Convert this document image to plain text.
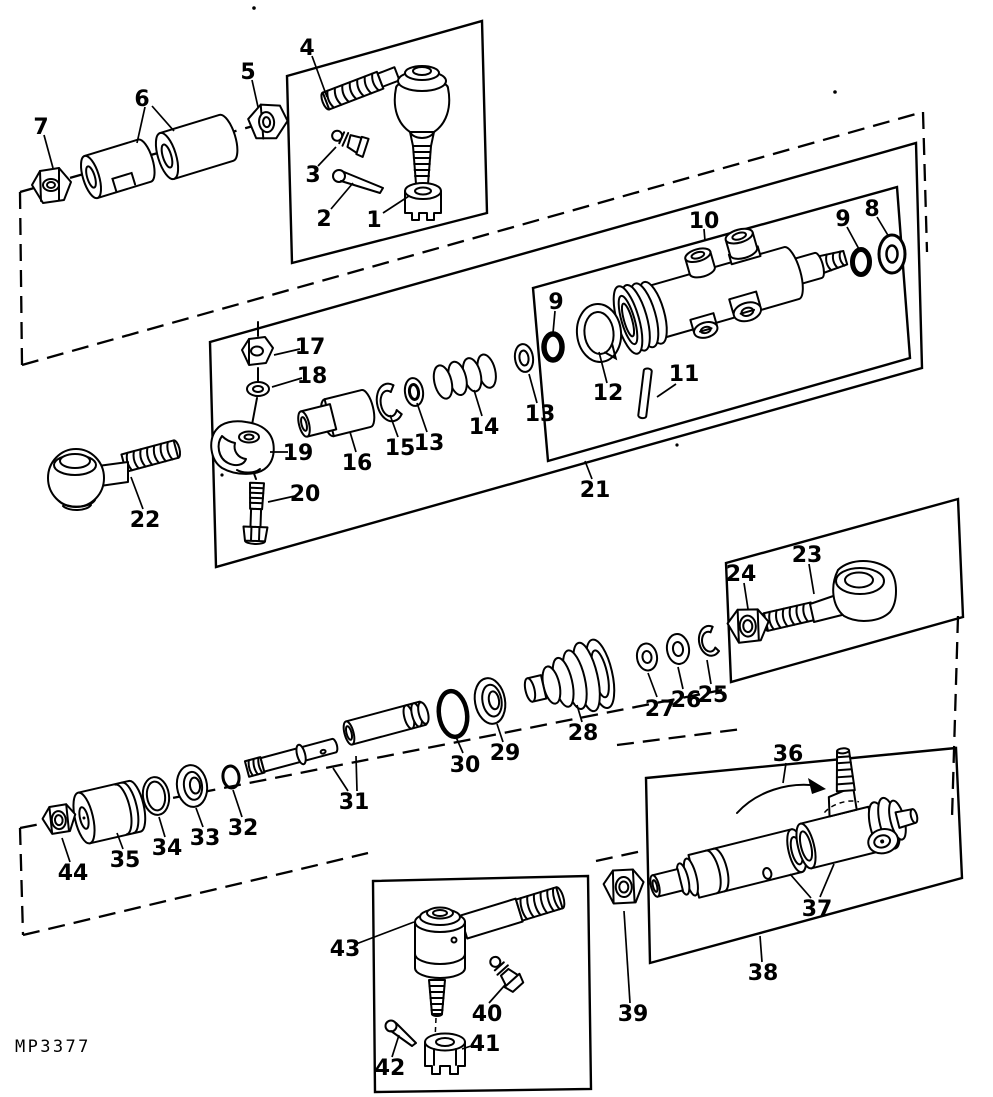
7
6
5
4
3
2 1	8
9
10
9
12
11
13
13
14
15
16
17
18
19
20	21
22
23
24
25
26
27
28
29
30
31
32
33
34
35
44
36
37
38
39
40
41
42
43
MP3377
